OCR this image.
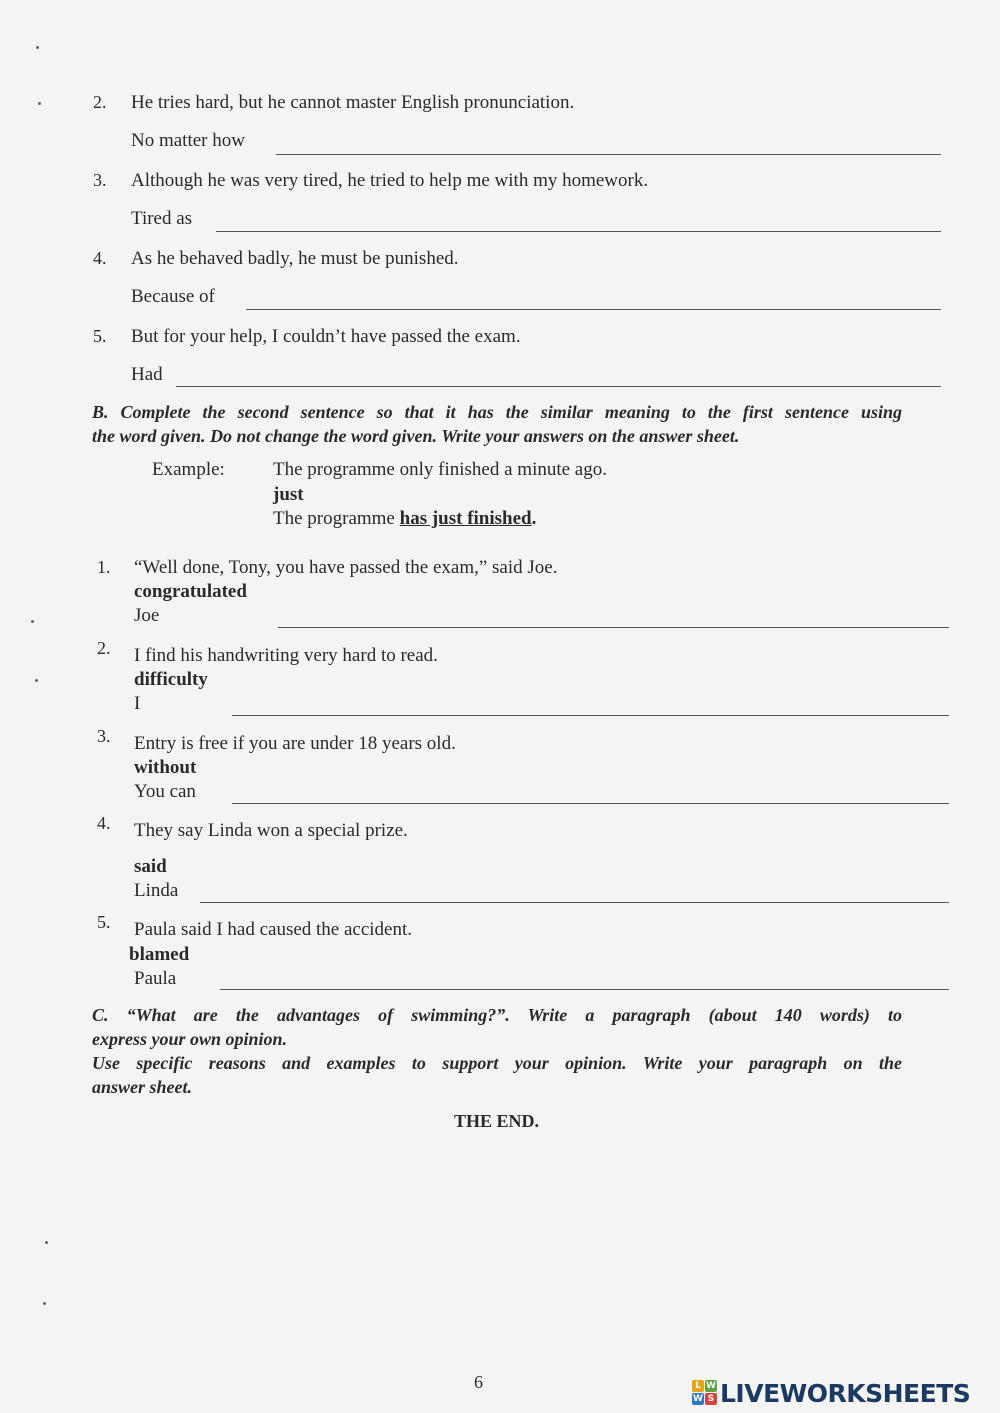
2. He tries hard, but he cannot master English pronunciation.
No matter how
3. Although he was very tired, he tried to help me with my homework.
Tired as
4. As he behaved badly, he must be punished.
Because of
5. But for your help, I couldn’t have passed the exam.
Had
B. Complete the second sentence so that it has the similar meaning to the first sentence using
the word given. Do not change the word given. Write your answers on the answer sheet.
Example:	The programme only finished a minute ago.
just
The programme has just finished.
1. “Well done, Tony, you have passed the exam,” said Joe.
congratulated
Joe
2. I find his handwriting very hard to read.
difficulty
I
3. Entry is free if you are under 18 years old.
without
You can
4. They say Linda won a special prize.
said
Linda
5. Paula said I had caused the accident.
blamed
Paula
C. “What are the advantages of swimming?”. Write a paragraph (about 140 words) to
express your own opinion.
Use specific reasons and examples to support your opinion. Write your paragraph on the
answer sheet.
THE END.
6	L W
W S LIVEWORKSHEETS
